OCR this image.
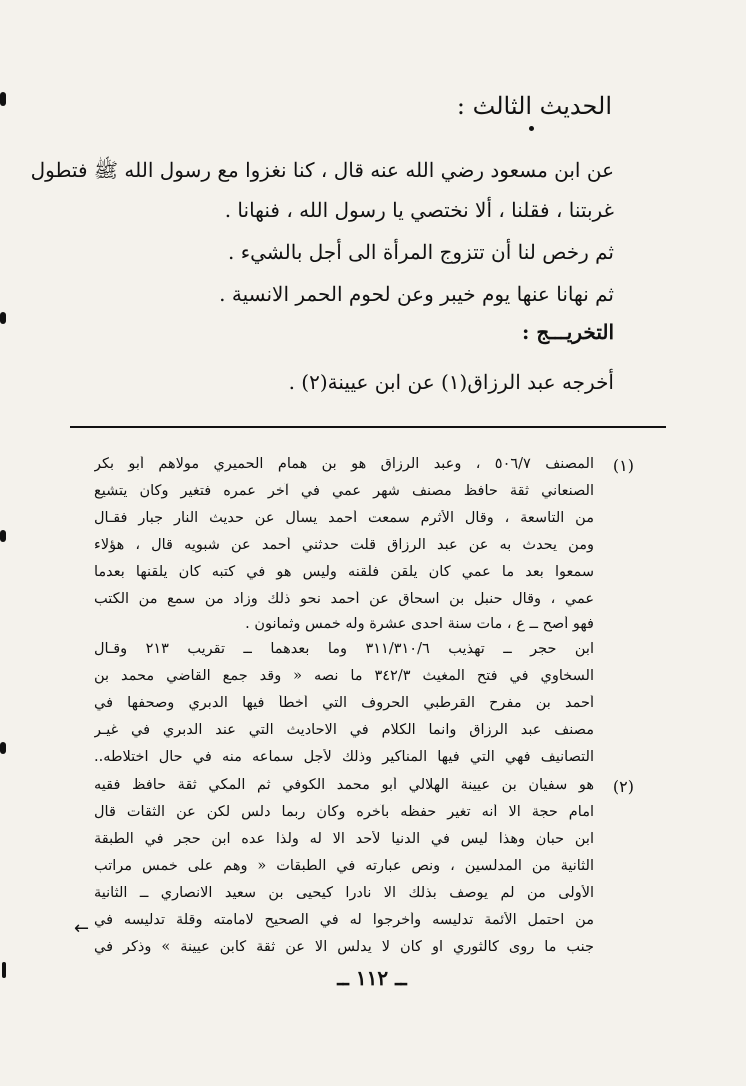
الحديث الثالث :
عن ابن مسعود رضي الله عنه قال ، كنا نغزوا مع رسول الله ﷺ فتطول
غربتنا ، فقلنا ، ألا نختصي يا رسول الله ، فنهانا .
ثم رخص لنا أن تتزوج المرأة الى أجل بالشيء .
ثم نهانا عنها يوم خيبر وعن لحوم الحمر الانسية .
التخريـــج :
أخرجه عبد الرزاق(١) عن ابن عيينة(٢) .
(١)
المصنف ٥٠٦/٧ ، وعبد الرزاق هو بن همام الحميري مولاهم أبو بكر
الصنعاني ثقة حافظ مصنف شهر عمي في آخر عمره فتغير وكان يتشيع
من التاسعة ، وقال الأثرم سمعت أحمد يسأل عن حديث النار جبار فقـال
ومن يحدث به عن عبد الرزاق قلت حدثني أحمد عن شبويه قال ، هؤلاء
سمعوا بعد ما عمي كان يلقن فلقنه وليس هو في كتبه كان يلقنها بعدما
عمي ، وقال حنبل بن اسحاق عن أحمد نحو ذلك وزاد من سمع من الكتب
فهو أصح ــ ع ، مات سنة احدى عشرة وله خمس وثمانون .
ابن حجر ــ تهذيب ٣١١/٣١٠/٦ وما بعدهما ــ تقريب ٢١٣ وقـال
السخاوي في فتح المغيث ٣٤٢/٣ ما نصه « وقد جمع القاضي محمد بن
أحمد بن مفرح القرطبي الحروف التي أخطأ فيها الدبري وصحفها في
مصنف عبد الرزاق وانما الكلام في الاحاديث التي عند الدبري في غيـر
التصانيف فهي التي فيها المناكير وذلك لأجل سماعه منه في حال اختلاطه..
(٢)
هو سفيان بن عيينة الهلالي أبو محمد الكوفي ثم المكي ثقة حافظ فقيه
امام حجة الا أنه تغير حفظه بآخره وكان ربما دلس لكن عن الثقات قال
ابن حبان وهذا ليس في الدنيا لأحد الا له ولذا عده ابن حجر في الطبقة
الثانية من المدلسين ، ونص عبارته في الطبقات « وهم على خمس مراتب
الأولى من لم يوصف بذلك الا نادرا كيحيى بن سعيد الانصاري ــ الثانية
من احتمل الأئمة تدليسه وأخرجوا له في الصحيح لامامته وقلة تدليسه في
جنب ما روى كالثوري او كان لا يدلس الا عن ثقة كابن عيينة » وذكر في
←
ــ ١١٢ ــ
